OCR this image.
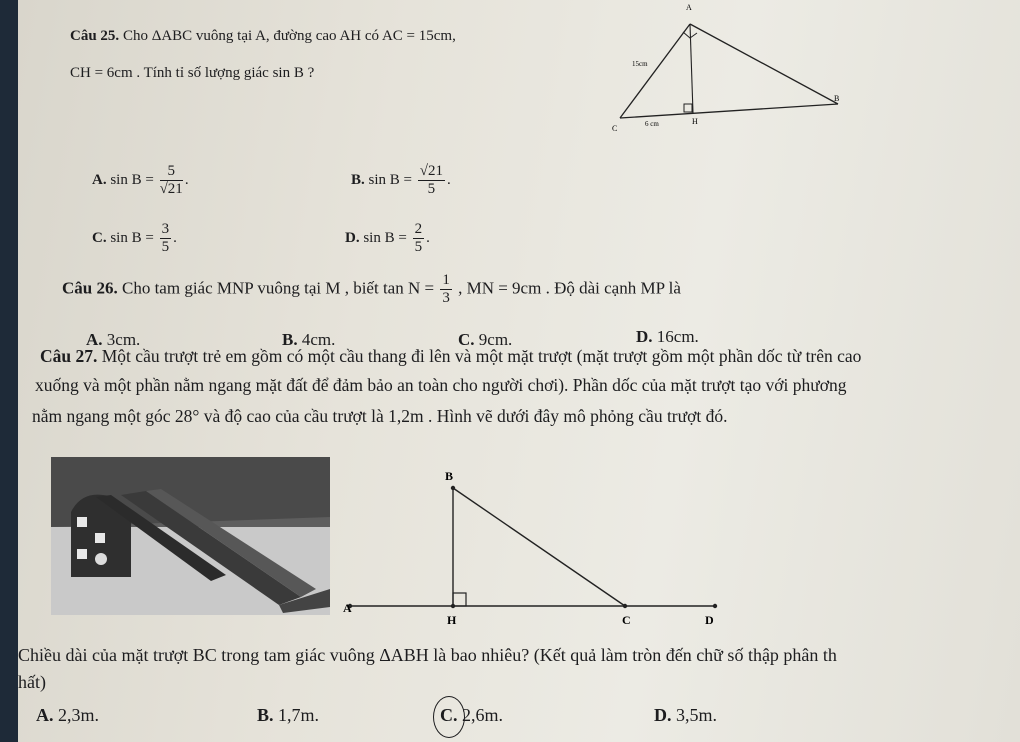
Câu 25. Cho ΔABC vuông tại A, đường cao AH có AC = 15cm,
CH = 6cm . Tính tỉ số lượng giác sin B ?
A
B
C
H
15cm
6 cm
A. $\sin B = \frac{5}{√21}$ .	B. $\sin B = \frac{√21}{5}$ .
C. $\sin B = \frac{3}{5}$ .	D. $\sin B = \frac{2}{5}$ .
Câu 26. Cho tam giác MNP vuông tại M , biết $\tan N = \frac{1}{3}$ , MN = 9cm . Độ dài cạnh MP là
A. 3cm.	B. 4cm.	C. 9cm.	D. 16cm.
Câu 27. Một cầu trượt trẻ em gồm có một cầu thang đi lên và một mặt trượt (mặt trượt gồm một phần dốc từ trên cao
xuống và một phần nằm ngang mặt đất để đảm bảo an toàn cho người chơi). Phần dốc của mặt trượt tạo với phương
nằm ngang một góc 28° và độ cao của cầu trượt là 1,2m . Hình vẽ dưới đây mô phỏng cầu trượt đó.
B
A
H	C	D
Chiều dài của mặt trượt BC trong tam giác vuông ΔABH là bao nhiêu? (Kết quả làm tròn đến chữ số thập phân th
hất)
A. 2,3m.	B. 1,7m.	C. 2,6m.	D. 3,5m.
